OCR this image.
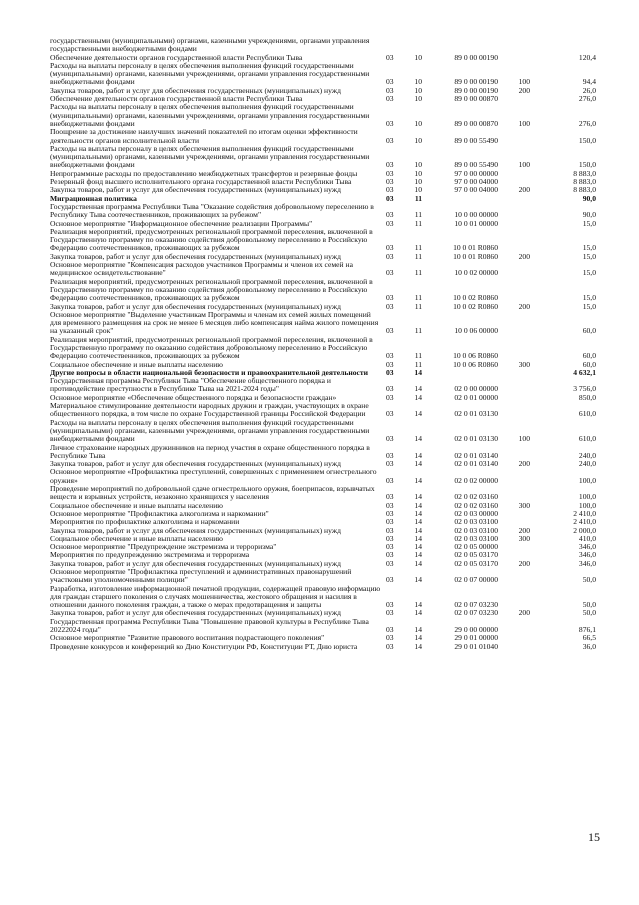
государственными (муниципальными) органами, казенными учреждениями, органами управления государственными внебюджетными фондами
Обеспечение деятельности органов государственной власти Республики Тыва	03	10	89 0 00 00190	120,4
Расходы на выплаты персоналу в целях обеспечения выполнения функций государственными (муниципальными) органами, казенными учреждениями, органами управления государственными внебюджетными фондами	03	10	89 0 00 00190	100	94,4
Закупка товаров, работ и услуг для обеспечения государственных (муниципальных) нужд	03	10	89 0 00 00190	200	26,0
Обеспечение деятельности органов государственной власти Республики Тыва	03	10	89 0 00 00870	276,0
Расходы на выплаты персоналу в целях обеспечения выполнения функций государственными (муниципальными) органами, казенными учреждениями, органами управления государственными внебюджетными фондами	03	10	89 0 00 00870	100	276,0
Поощрение за достижение наилучших значений показателей по итогам оценки эффективности деятельности органов исполнительной власти	03	10	89 0 00 55490	150,0
Расходы на выплаты персоналу в целях обеспечения выполнения функций государственными (муниципальными) органами, казенными учреждениями, органами управления государственными внебюджетными фондами	03	10	89 0 00 55490	100	150,0
Непрограммные расходы по предоставлению межбюджетных трансфертов и резервные фонды	03	10	97 0 00 00000	8 883,0
Резервный фонд высшего исполнительного органа государственной власти Республики Тыва	03	10	97 0 00 04000	8 883,0
Закупка товаров, работ и услуг для обеспечения государственных (муниципальных) нужд	03	10	97 0 00 04000	200	8 883,0
Миграционная политика	03	11	90,0
Государственная программа Республики Тыва "Оказание содействия добровольному переселению в Республику Тыва соотечественников, проживающих за рубежом"	03	11	10 0 00 00000	90,0
Основное мероприятие "Информационное обеспечение реализации Программы"	03	11	10 0 01 00000	15,0
Реализация мероприятий, предусмотренных региональной программой переселения, включенной в Государственную программу по оказанию содействия добровольному переселению в Российскую Федерацию соотечественников, проживающих за рубежом	03	11	10 0 01 R0860	15,0
Закупка товаров, работ и услуг для обеспечения государственных (муниципальных) нужд	03	11	10 0 01 R0860	200	15,0
Основное мероприятие "Компенсация расходов участников Программы и членов их семей на медицинское освидетельствование"	03	11	10 0 02 00000	15,0
Реализация мероприятий, предусмотренных региональной программой переселения, включенной в Государственную программу по оказанию содействия добровольному переселению в Российскую Федерацию соотечественников, проживающих за рубежом	03	11	10 0 02 R0860	15,0
Закупка товаров, работ и услуг для обеспечения государственных (муниципальных) нужд	03	11	10 0 02 R0860	200	15,0
Основное мероприятие "Выделение участникам Программы и членам их семей жилых помещений для временного размещения на срок не менее 6 месяцев либо компенсация найма жилого помещения на указанный срок"	03	11	10 0 06 00000	60,0
Реализация мероприятий, предусмотренных региональной программой переселения, включенной в Государственную программу по оказанию содействия добровольному переселению в Российскую Федерацию соотечественников, проживающих за рубежом	03	11	10 0 06 R0860	60,0
Социальное обеспечение и иные выплаты населению	03	11	10 0 06 R0860	300	60,0
Другие вопросы в области национальной безопасности и правоохранительной деятельности	03	14	4 632,1
Государственная программа Республики Тыва "Обеспечение общественного порядка и противодействие преступности в Республике Тыва на 2021-2024 годы"	03	14	02 0 00 00000	3 756,0
Основное мероприятие «Обеспечение общественного порядка и безопасности граждан»	03	14	02 0 01 00000	850,0
Материальное стимулирование деятельности народных дружин и граждан, участвующих в охране общественного порядка, в том числе по охране Государственной границы Российской Федерации	03	14	02 0 01 03130	610,0
Расходы на выплаты персоналу в целях обеспечения выполнения функций государственными (муниципальными) органами, казенными учреждениями, органами управления государственными внебюджетными фондами	03	14	02 0 01 03130	100	610,0
Личное страхование народных дружинников на период участия в охране общественного порядка в Республике Тыва	03	14	02 0 01 03140	240,0
Закупка товаров, работ и услуг для обеспечения государственных (муниципальных) нужд	03	14	02 0 01 03140	200	240,0
Основное мероприятие «Профилактика преступлений, совершенных с применением огнестрельного оружия»	03	14	02 0 02 00000	100,0
Проведение мероприятий по добровольной сдаче огнестрельного оружия, боеприпасов, взрывчатых веществ и взрывных устройств, незаконно хранящихся у населения	03	14	02 0 02 03160	100,0
Социальное обеспечение и иные выплаты населению	03	14	02 0 02 03160	300	100,0
Основное мероприятие "Профилактика алкоголизма и наркомании"	03	14	02 0 03 00000	2 410,0
Мероприятия по профилактике алкоголизма и наркомании	03	14	02 0 03 03100	2 410,0
Закупка товаров, работ и услуг для обеспечения государственных (муниципальных) нужд	03	14	02 0 03 03100	200	2 000,0
Социальное обеспечение и иные выплаты населению	03	14	02 0 03 03100	300	410,0
Основное мероприятие "Предупреждение экстремизма и терроризма"	03	14	02 0 05 00000	346,0
Мероприятия по предупреждению экстремизма и терроризма	03	14	02 0 05 03170	346,0
Закупка товаров, работ и услуг для обеспечения государственных (муниципальных) нужд	03	14	02 0 05 03170	200	346,0
Основное мероприятие "Профилактика преступлений и административных правонарушений участковыми уполномоченными полиции"	03	14	02 0 07 00000	50,0
Разработка, изготовление информационной печатной продукции, содержащей правовую информацию для граждан старшего поколения о случаях мошенничества, жестокого обращения и насилия в отношении данного поколения граждан, а также о мерах предотвращения и защиты	03	14	02 0 07 03230	50,0
Закупка товаров, работ и услуг для обеспечения государственных (муниципальных) нужд	03	14	02 0 07 03230	200	50,0
Государственная программа Республики Тыва "Повышение правовой культуры в Республике Тыва 20222024 годы"	03	14	29 0 00 00000	876,1
Основное мероприятие "Развитие правового воспитания подрастающего поколения"	03	14	29 0 01 00000	66,5
Проведение конкурсов и конференций ко Дню Конституции РФ, Конституции РТ, Дню юриста	03	14	29 0 01 01040	36,0
15
